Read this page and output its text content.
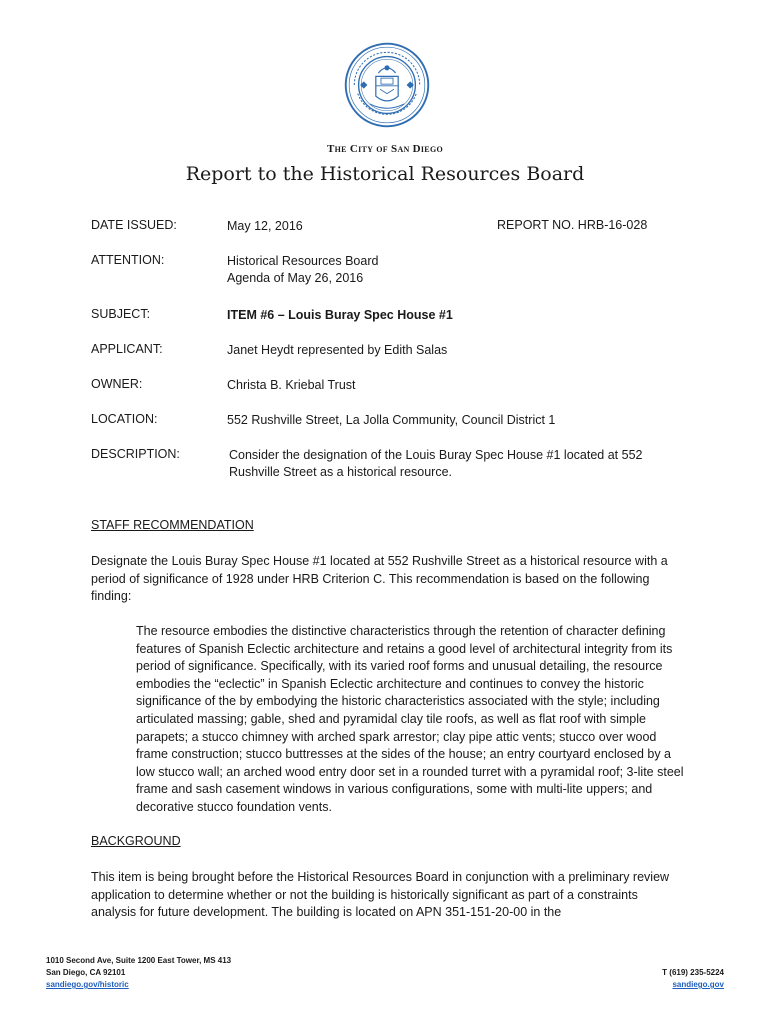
The City of San Diego
Report to the Historical Resources Board
DATE ISSUED:	May 12, 2016	REPORT NO. HRB-16-028
ATTENTION:	Historical Resources Board
Agenda of May 26, 2016
SUBJECT:	ITEM #6 – Louis Buray Spec House #1
APPLICANT:	Janet Heydt represented by Edith Salas
OWNER:	Christa B. Kriebal Trust
LOCATION:	552 Rushville Street, La Jolla Community, Council District 1
DESCRIPTION:	Consider the designation of the Louis Buray Spec House #1 located at 552 Rushville Street as a historical resource.
STAFF RECOMMENDATION
Designate the Louis Buray Spec House #1 located at 552 Rushville Street as a historical resource with a period of significance of 1928 under HRB Criterion C. This recommendation is based on the following finding:
The resource embodies the distinctive characteristics through the retention of character defining features of Spanish Eclectic architecture and retains a good level of architectural integrity from its period of significance. Specifically, with its varied roof forms and unusual detailing, the resource embodies the “eclectic” in Spanish Eclectic architecture and continues to convey the historic significance of the by embodying the historic characteristics associated with the style; including articulated massing; gable, shed and pyramidal clay tile roofs, as well as flat roof with simple parapets; a stucco chimney with arched spark arrestor; clay pipe attic vents; stucco over wood frame construction; stucco buttresses at the sides of the house; an entry courtyard enclosed by a low stucco wall; an arched wood entry door set in a rounded turret with a pyramidal roof; 3-lite steel frame and sash casement windows in various configurations, some with multi-lite uppers; and decorative stucco foundation vents.
BACKGROUND
This item is being brought before the Historical Resources Board in conjunction with a preliminary review application to determine whether or not the building is historically significant as part of a constraints analysis for future development. The building is located on APN 351-151-20-00 in the
1010 Second Ave, Suite 1200 East Tower, MS 413
San Diego, CA 92101
sandiego.gov/historic
T (619) 235-5224
sandiego.gov
